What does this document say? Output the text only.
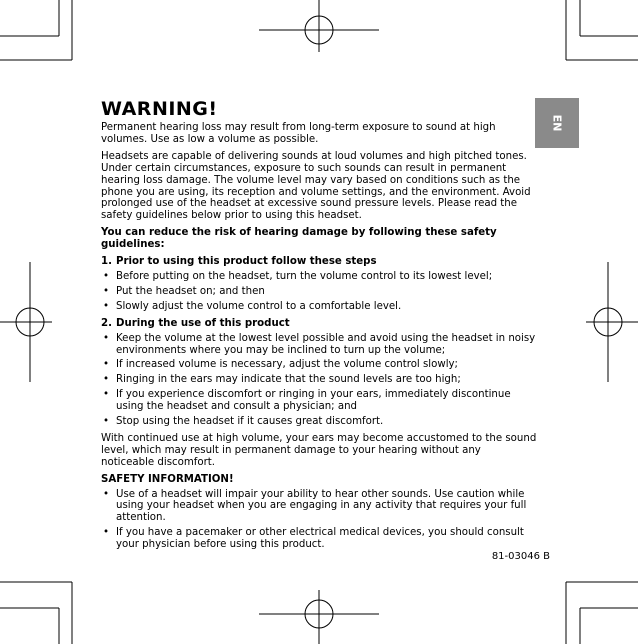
EN
WARNING!

Permanent hearing loss may result from long-term exposure to sound at high volumes. Use as low a volume as possible.

Headsets are capable of delivering sounds at loud volumes and high pitched tones. Under certain circumstances, exposure to such sounds can result in permanent hearing loss damage. The volume level may vary based on conditions such as the phone you are using, its reception and volume settings, and the environment. Avoid prolonged use of the headset at excessive sound pressure levels. Please read the safety guidelines below prior to using this headset.

You can reduce the risk of hearing damage by following these safety guidelines:

1. Prior to using this product follow these steps
• Before putting on the headset, turn the volume control to its lowest level;
• Put the headset on; and then
• Slowly adjust the volume control to a comfortable level.
2. During the use of this product
• Keep the volume at the lowest level possible and avoid using the headset in noisy environments where you may be inclined to turn up the volume;
• If increased volume is necessary, adjust the volume control slowly;
• Ringing in the ears may indicate that the sound levels are too high;
• If you experience discomfort or ringing in your ears, immediately discontinue using the headset and consult a physician; and
• Stop using the headset if it causes great discomfort.

With continued use at high volume, your ears may become accustomed to the sound level, which may result in permanent damage to your hearing without any noticeable discomfort.

SAFETY INFORMATION!
• Use of a headset will impair your ability to hear other sounds. Use caution while using your headset when you are engaging in any activity that requires your full attention.
• If you have a pacemaker or other electrical medical devices, you should consult your physician before using this product.
81-03046 B
